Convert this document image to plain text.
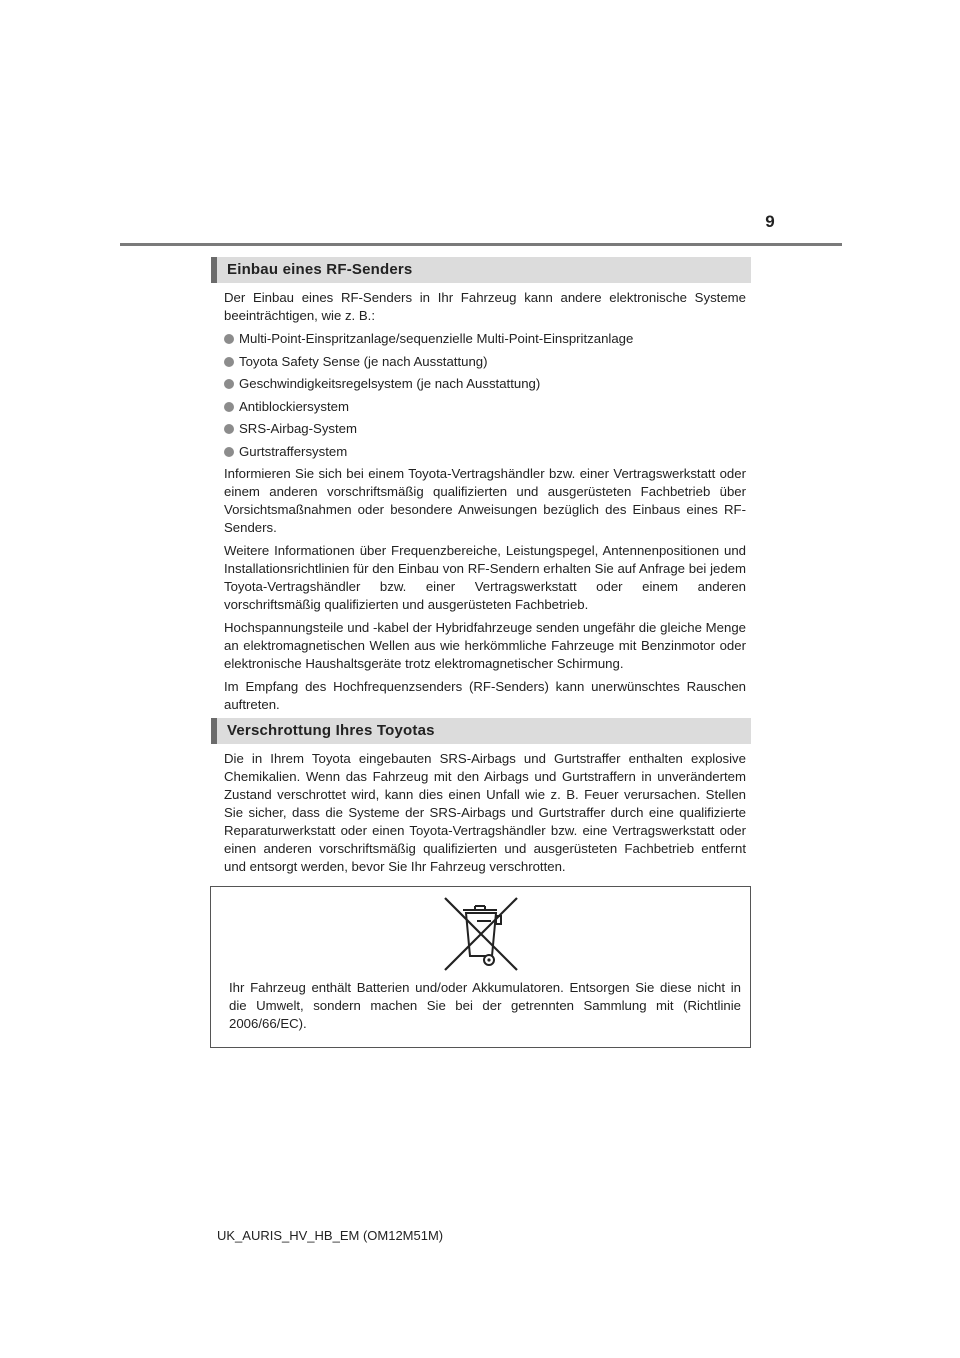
9
Einbau eines RF-Senders

Der Einbau eines RF-Senders in Ihr Fahrzeug kann andere elektronische Systeme beeinträchtigen, wie z. B.:

Multi-Point-Einspritzanlage/sequenzielle Multi-Point-Einspritzanlage
Toyota Safety Sense (je nach Ausstattung)
Geschwindigkeitsregelsystem (je nach Ausstattung)
Antiblockiersystem
SRS-Airbag-System
Gurtstraffersystem

Informieren Sie sich bei einem Toyota-Vertragshändler bzw. einer Vertragswerkstatt oder einem anderen vorschriftsmäßig qualifizierten und ausgerüsteten Fachbetrieb über Vorsichtsmaßnahmen oder besondere Anweisungen bezüglich des Einbaus eines RF-Senders.

Weitere Informationen über Frequenzbereiche, Leistungspegel, Antennenpositionen und Installationsrichtlinien für den Einbau von RF-Sendern erhalten Sie auf Anfrage bei jedem Toyota-Vertragshändler bzw. einer Vertragswerkstatt oder einem anderen vorschriftsmäßig qualifizierten und ausgerüsteten Fachbetrieb.

Hochspannungsteile und -kabel der Hybridfahrzeuge senden ungefähr die gleiche Menge an elektromagnetischen Wellen aus wie herkömmliche Fahrzeuge mit Benzinmotor oder elektronische Haushaltsgeräte trotz elektromagnetischer Schirmung.

Im Empfang des Hochfrequenzsenders (RF-Senders) kann unerwünschtes Rauschen auftreten.

Verschrottung Ihres Toyotas

Die in Ihrem Toyota eingebauten SRS-Airbags und Gurtstraffer enthalten explosive Chemikalien. Wenn das Fahrzeug mit den Airbags und Gurtstraffern in unverändertem Zustand verschrottet wird, kann dies einen Unfall wie z. B. Feuer verursachen. Stellen Sie sicher, dass die Systeme der SRS-Airbags und Gurtstraffer durch eine qualifizierte Reparaturwerkstatt oder einen Toyota-Vertragshändler bzw. eine Vertragswerkstatt oder einen anderen vorschriftsmäßig qualifizierten und ausgerüsteten Fachbetrieb entfernt und entsorgt werden, bevor Sie Ihr Fahrzeug verschrotten.

Ihr Fahrzeug enthält Batterien und/oder Akkumulatoren. Entsorgen Sie diese nicht in die Umwelt, sondern machen Sie bei der getrennten Sammlung mit (Richtlinie 2006/66/EC).
UK_AURIS_HV_HB_EM (OM12M51M)
